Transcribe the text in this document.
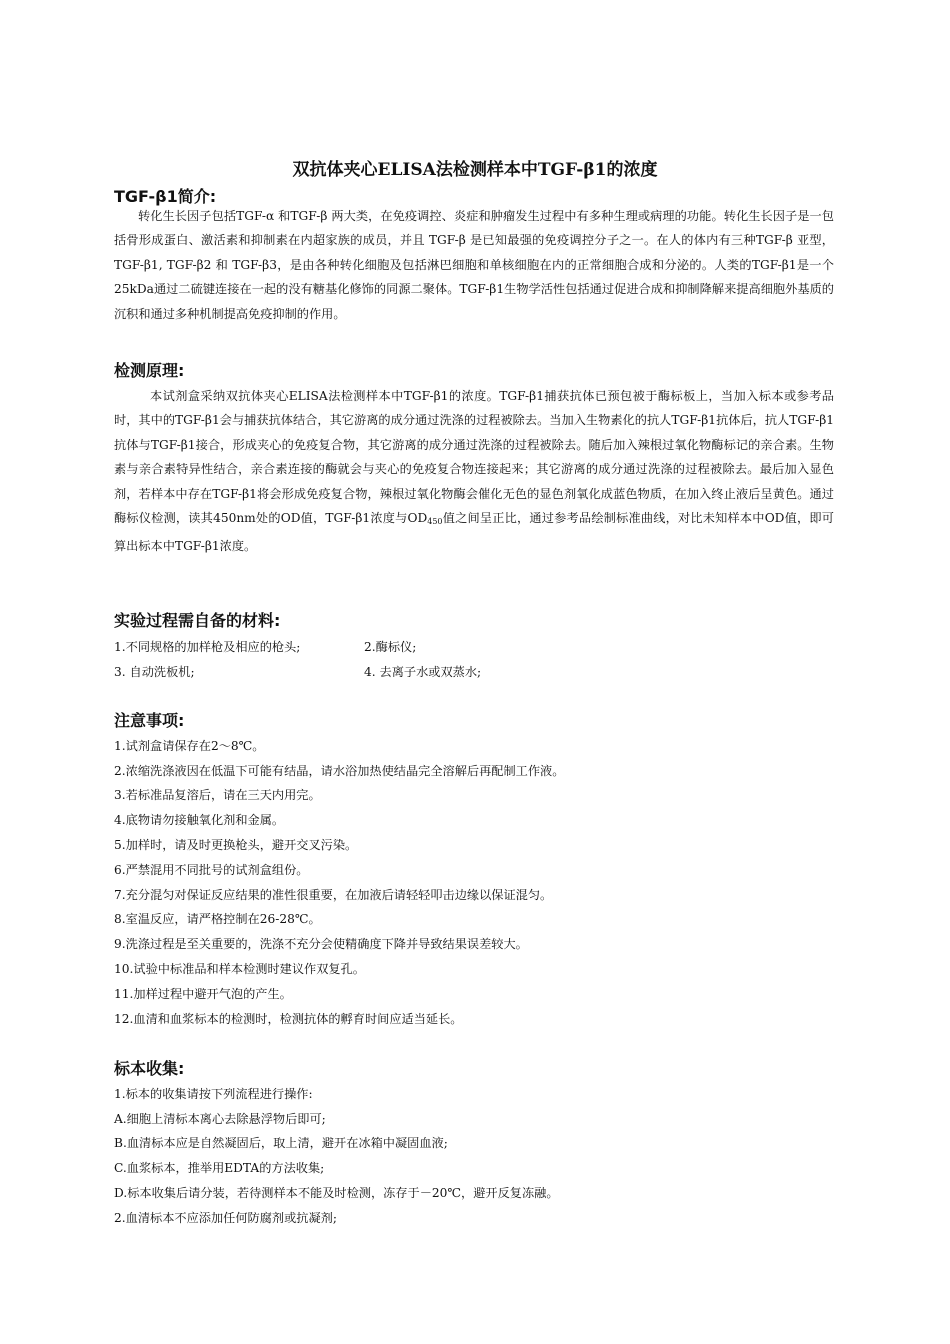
双抗体夹心ELISA法检测样本中TGF-β1的浓度
TGF-β1简介:
转化生长因子包括TGF-α 和TGF-β 两大类，在免疫调控、炎症和肿瘤发生过程中有多种生理或病理的功能。转化生长因子是一包括骨形成蛋白、激活素和抑制素在内超家族的成员，并且 TGF-β 是已知最强的免疫调控分子之一。在人的体内有三种TGF-β 亚型，TGF-β1, TGF-β2 和 TGF-β3，是由各种转化细胞及包括淋巴细胞和单核细胞在内的正常细胞合成和分泌的。人类的TGF-β1是一个25kDa通过二硫键连接在一起的没有糖基化修饰的同源二聚体。TGF-β1生物学活性包括通过促进合成和抑制降解来提高细胞外基质的沉积和通过多种机制提高免疫抑制的作用。
检测原理:
本试剂盒采纳双抗体夹心ELISA法检测样本中TGF-β1的浓度。TGF-β1捕获抗体已预包被于酶标板上，当加入标本或参考品时，其中的TGF-β1会与捕获抗体结合，其它游离的成分通过洗涤的过程被除去。当加入生物素化的抗人TGF-β1抗体后，抗人TGF-β1抗体与TGF-β1接合，形成夹心的免疫复合物，其它游离的成分通过洗涤的过程被除去。随后加入辣根过氧化物酶标记的亲合素。生物素与亲合素特异性结合，亲合素连接的酶就会与夹心的免疫复合物连接起来；其它游离的成分通过洗涤的过程被除去。最后加入显色剂，若样本中存在TGF-β1将会形成免疫复合物，辣根过氧化物酶会催化无色的显色剂氧化成蓝色物质，在加入终止液后呈黄色。通过酶标仪检测，读其450nm处的OD值，TGF-β1浓度与$OD_{450}$值之间呈正比，通过参考品绘制标准曲线，对比未知样本中OD值，即可算出标本中TGF-β1浓度。
实验过程需自备的材料:
1.不同规格的加样枪及相应的枪头;	2.酶标仪;
3. 自动洗板机;	4. 去离子水或双蒸水;
注意事项:
1.试剂盒请保存在2～8℃。
2.浓缩洗涤液因在低温下可能有结晶，请水浴加热使结晶完全溶解后再配制工作液。
3.若标准品复溶后，请在三天内用完。
4.底物请勿接触氧化剂和金属。
5.加样时，请及时更换枪头，避开交叉污染。
6.严禁混用不同批号的试剂盒组份。
7.充分混匀对保证反应结果的准性很重要，在加液后请轻轻叩击边缘以保证混匀。
8.室温反应，请严格控制在26-28℃。
9.洗涤过程是至关重要的，洗涤不充分会使精确度下降并导致结果误差较大。
10.试验中标准品和样本检测时建议作双复孔。
11.加样过程中避开气泡的产生。
12.血清和血浆标本的检测时，检测抗体的孵育时间应适当延长。
标本收集:
1.标本的收集请按下列流程进行操作:
A.细胞上清标本离心去除悬浮物后即可;
B.血清标本应是自然凝固后，取上清，避开在冰箱中凝固血液;
C.血浆标本，推举用EDTA的方法收集;
D.标本收集后请分装，若待测样本不能及时检测，冻存于－20℃，避开反复冻融。
2.血清标本不应添加任何防腐剂或抗凝剂;
